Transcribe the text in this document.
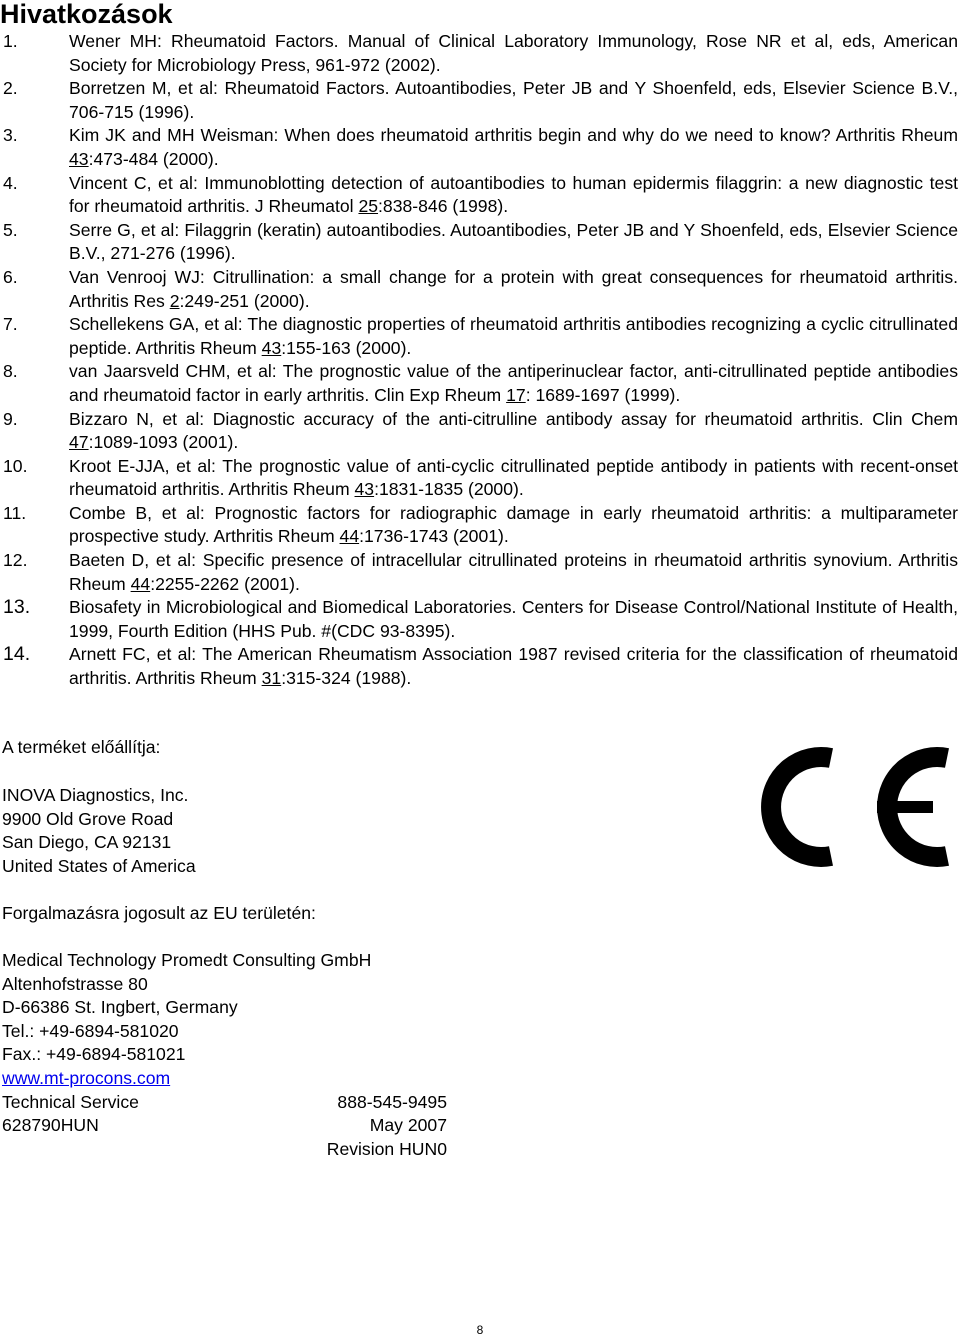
Hivatkozások
1.	Wener MH: Rheumatoid Factors. Manual of Clinical Laboratory Immunology, Rose NR et al, eds, American Society for Microbiology Press, 961-972 (2002).
2.	Borretzen M, et al: Rheumatoid Factors. Autoantibodies, Peter JB and Y Shoenfeld, eds, Elsevier Science B.V., 706-715 (1996).
3.	Kim JK and MH Weisman: When does rheumatoid arthritis begin and why do we need to know? Arthritis Rheum 43:473-484 (2000).
4.	Vincent C, et al: Immunoblotting detection of autoantibodies to human epidermis filaggrin: a new diagnostic test for rheumatoid arthritis. J Rheumatol 25:838-846 (1998).
5.	Serre G, et al: Filaggrin (keratin) autoantibodies. Autoantibodies, Peter JB and Y Shoenfeld, eds, Elsevier Science B.V., 271-276 (1996).
6.	Van Venrooj WJ: Citrullination: a small change for a protein with great consequences for rheumatoid arthritis. Arthritis Res 2:249-251 (2000).
7.	Schellekens GA, et al: The diagnostic properties of rheumatoid arthritis antibodies recognizing a cyclic citrullinated peptide. Arthritis Rheum 43:155-163 (2000).
8.	van Jaarsveld CHM, et al: The prognostic value of the antiperinuclear factor, anti-citrullinated peptide antibodies and rheumatoid factor in early arthritis. Clin Exp Rheum 17: 1689-1697 (1999).
9.	Bizzaro N, et al: Diagnostic accuracy of the anti-citrulline antibody assay for rheumatoid arthritis. Clin Chem 47:1089-1093 (2001).
10.	Kroot E-JJA, et al: The prognostic value of anti-cyclic citrullinated peptide antibody in patients with recent-onset rheumatoid arthritis. Arthritis Rheum 43:1831-1835 (2000).
11.	Combe B, et al: Prognostic factors for radiographic damage in early rheumatoid arthritis: a multiparameter prospective study. Arthritis Rheum 44:1736-1743 (2001).
12.	Baeten D, et al: Specific presence of intracellular citrullinated proteins in rheumatoid arthritis synovium. Arthritis Rheum 44:2255-2262 (2001).
13.	Biosafety in Microbiological and Biomedical Laboratories. Centers for Disease Control/National Institute of Health, 1999, Fourth Edition (HHS Pub. #(CDC 93-8395).
14.	Arnett FC, et al: The American Rheumatism Association 1987 revised criteria for the classification of rheumatoid arthritis. Arthritis Rheum 31:315-324 (1988).
A terméket előállítja:
INOVA Diagnostics, Inc.
9900 Old Grove Road
San Diego, CA 92131
United States of America
Forgalmazásra jogosult az EU területén:
Medical Technology Promedt Consulting GmbH
Altenhofstrasse 80
D-66386 St. Ingbert, Germany
Tel.: +49-6894-581020
Fax.: +49-6894-581021
www.mt-procons.com
Technical Service	888-545-9495
628790HUN	May 2007
Revision HUN0
8
